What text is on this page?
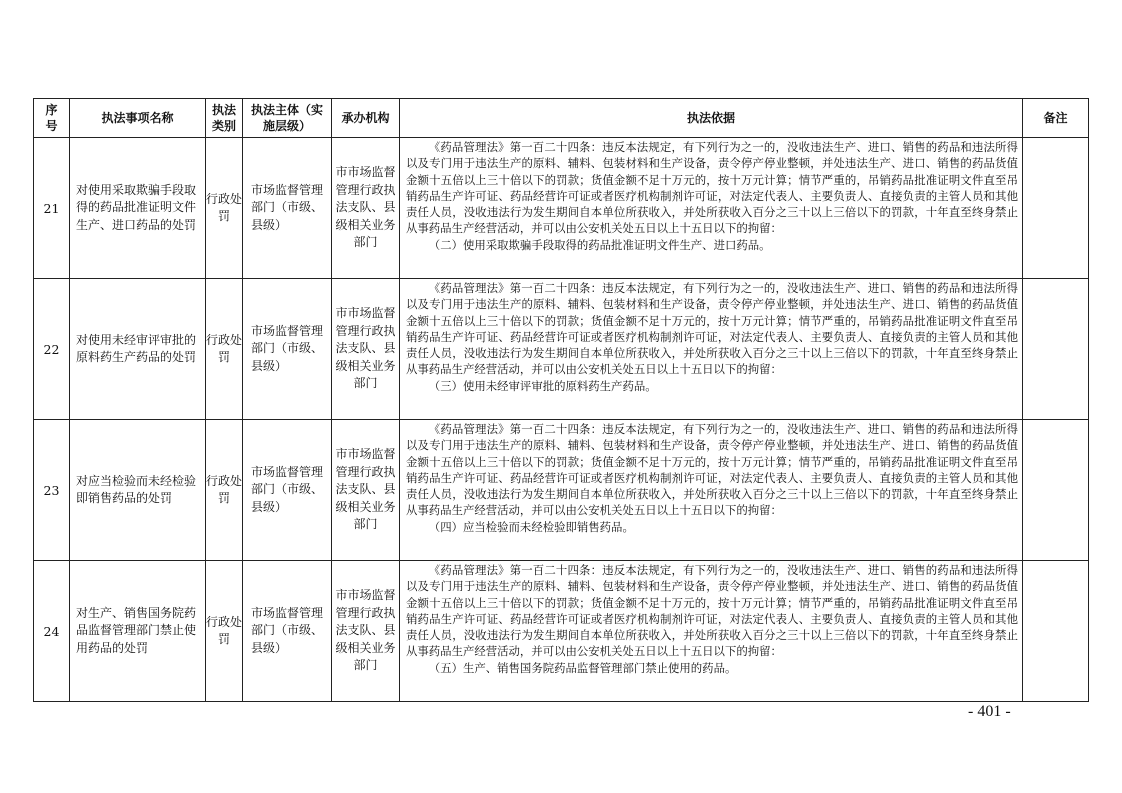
序号	执法事项名称	执法类别	执法主体（实施层级）	承办机构	执法依据	备注
21	对使用采取欺骗手段取得的药品批准证明文件生产、进口药品的处罚	行政处罚	市场监督管理部门（市级、县级）	市市场监督管理行政执法支队、县级相关业务部门	《药品管理法》第一百二十四条：违反本法规定，有下列行为之一的，没收违法生产、进口、销售的药品和违法所得以及专门用于违法生产的原料、辅料、包装材料和生产设备，责令停产停业整顿，并处违法生产、进口、销售的药品货值金额十五倍以上三十倍以下的罚款；货值金额不足十万元的，按十万元计算；情节严重的，吊销药品批准证明文件直至吊销药品生产许可证、药品经营许可证或者医疗机构制剂许可证，对法定代表人、主要负责人、直接负责的主管人员和其他责任人员，没收违法行为发生期间自本单位所获收入，并处所获收入百分之三十以上三倍以下的罚款，十年直至终身禁止从事药品生产经营活动，并可以由公安机关处五日以上十五日以下的拘留：

（二）使用采取欺骗手段取得的药品批准证明文件生产、进口药品。	

22	对使用未经审评审批的原料药生产药品的处罚	行政处罚	市场监督管理部门（市级、县级）	市市场监督管理行政执法支队、县级相关业务部门	《药品管理法》第一百二十四条：违反本法规定，有下列行为之一的，没收违法生产、进口、销售的药品和违法所得以及专门用于违法生产的原料、辅料、包装材料和生产设备，责令停产停业整顿，并处违法生产、进口、销售的药品货值金额十五倍以上三十倍以下的罚款；货值金额不足十万元的，按十万元计算；情节严重的，吊销药品批准证明文件直至吊销药品生产许可证、药品经营许可证或者医疗机构制剂许可证，对法定代表人、主要负责人、直接负责的主管人员和其他责任人员，没收违法行为发生期间自本单位所获收入，并处所获收入百分之三十以上三倍以下的罚款，十年直至终身禁止从事药品生产经营活动，并可以由公安机关处五日以上十五日以下的拘留：

（三）使用未经审评审批的原料药生产药品。	

23	对应当检验而未经检验即销售药品的处罚	行政处罚	市场监督管理部门（市级、县级）	市市场监督管理行政执法支队、县级相关业务部门	《药品管理法》第一百二十四条：违反本法规定，有下列行为之一的，没收违法生产、进口、销售的药品和违法所得以及专门用于违法生产的原料、辅料、包装材料和生产设备，责令停产停业整顿，并处违法生产、进口、销售的药品货值金额十五倍以上三十倍以下的罚款；货值金额不足十万元的，按十万元计算；情节严重的，吊销药品批准证明文件直至吊销药品生产许可证、药品经营许可证或者医疗机构制剂许可证，对法定代表人、主要负责人、直接负责的主管人员和其他责任人员，没收违法行为发生期间自本单位所获收入，并处所获收入百分之三十以上三倍以下的罚款，十年直至终身禁止从事药品生产经营活动，并可以由公安机关处五日以上十五日以下的拘留：

（四）应当检验而未经检验即销售药品。	

24	对生产、销售国务院药品监督管理部门禁止使用药品的处罚	行政处罚	市场监督管理部门（市级、县级）	市市场监督管理行政执法支队、县级相关业务部门	《药品管理法》第一百二十四条：违反本法规定，有下列行为之一的，没收违法生产、进口、销售的药品和违法所得以及专门用于违法生产的原料、辅料、包装材料和生产设备，责令停产停业整顿，并处违法生产、进口、销售的药品货值金额十五倍以上三十倍以下的罚款；货值金额不足十万元的，按十万元计算；情节严重的，吊销药品批准证明文件直至吊销药品生产许可证、药品经营许可证或者医疗机构制剂许可证，对法定代表人、主要负责人、直接负责的主管人员和其他责任人员，没收违法行为发生期间自本单位所获收入，并处所获收入百分之三十以上三倍以下的罚款，十年直至终身禁止从事药品生产经营活动，并可以由公安机关处五日以上十五日以下的拘留：

（五）生产、销售国务院药品监督管理部门禁止使用的药品。	

- 401 -
